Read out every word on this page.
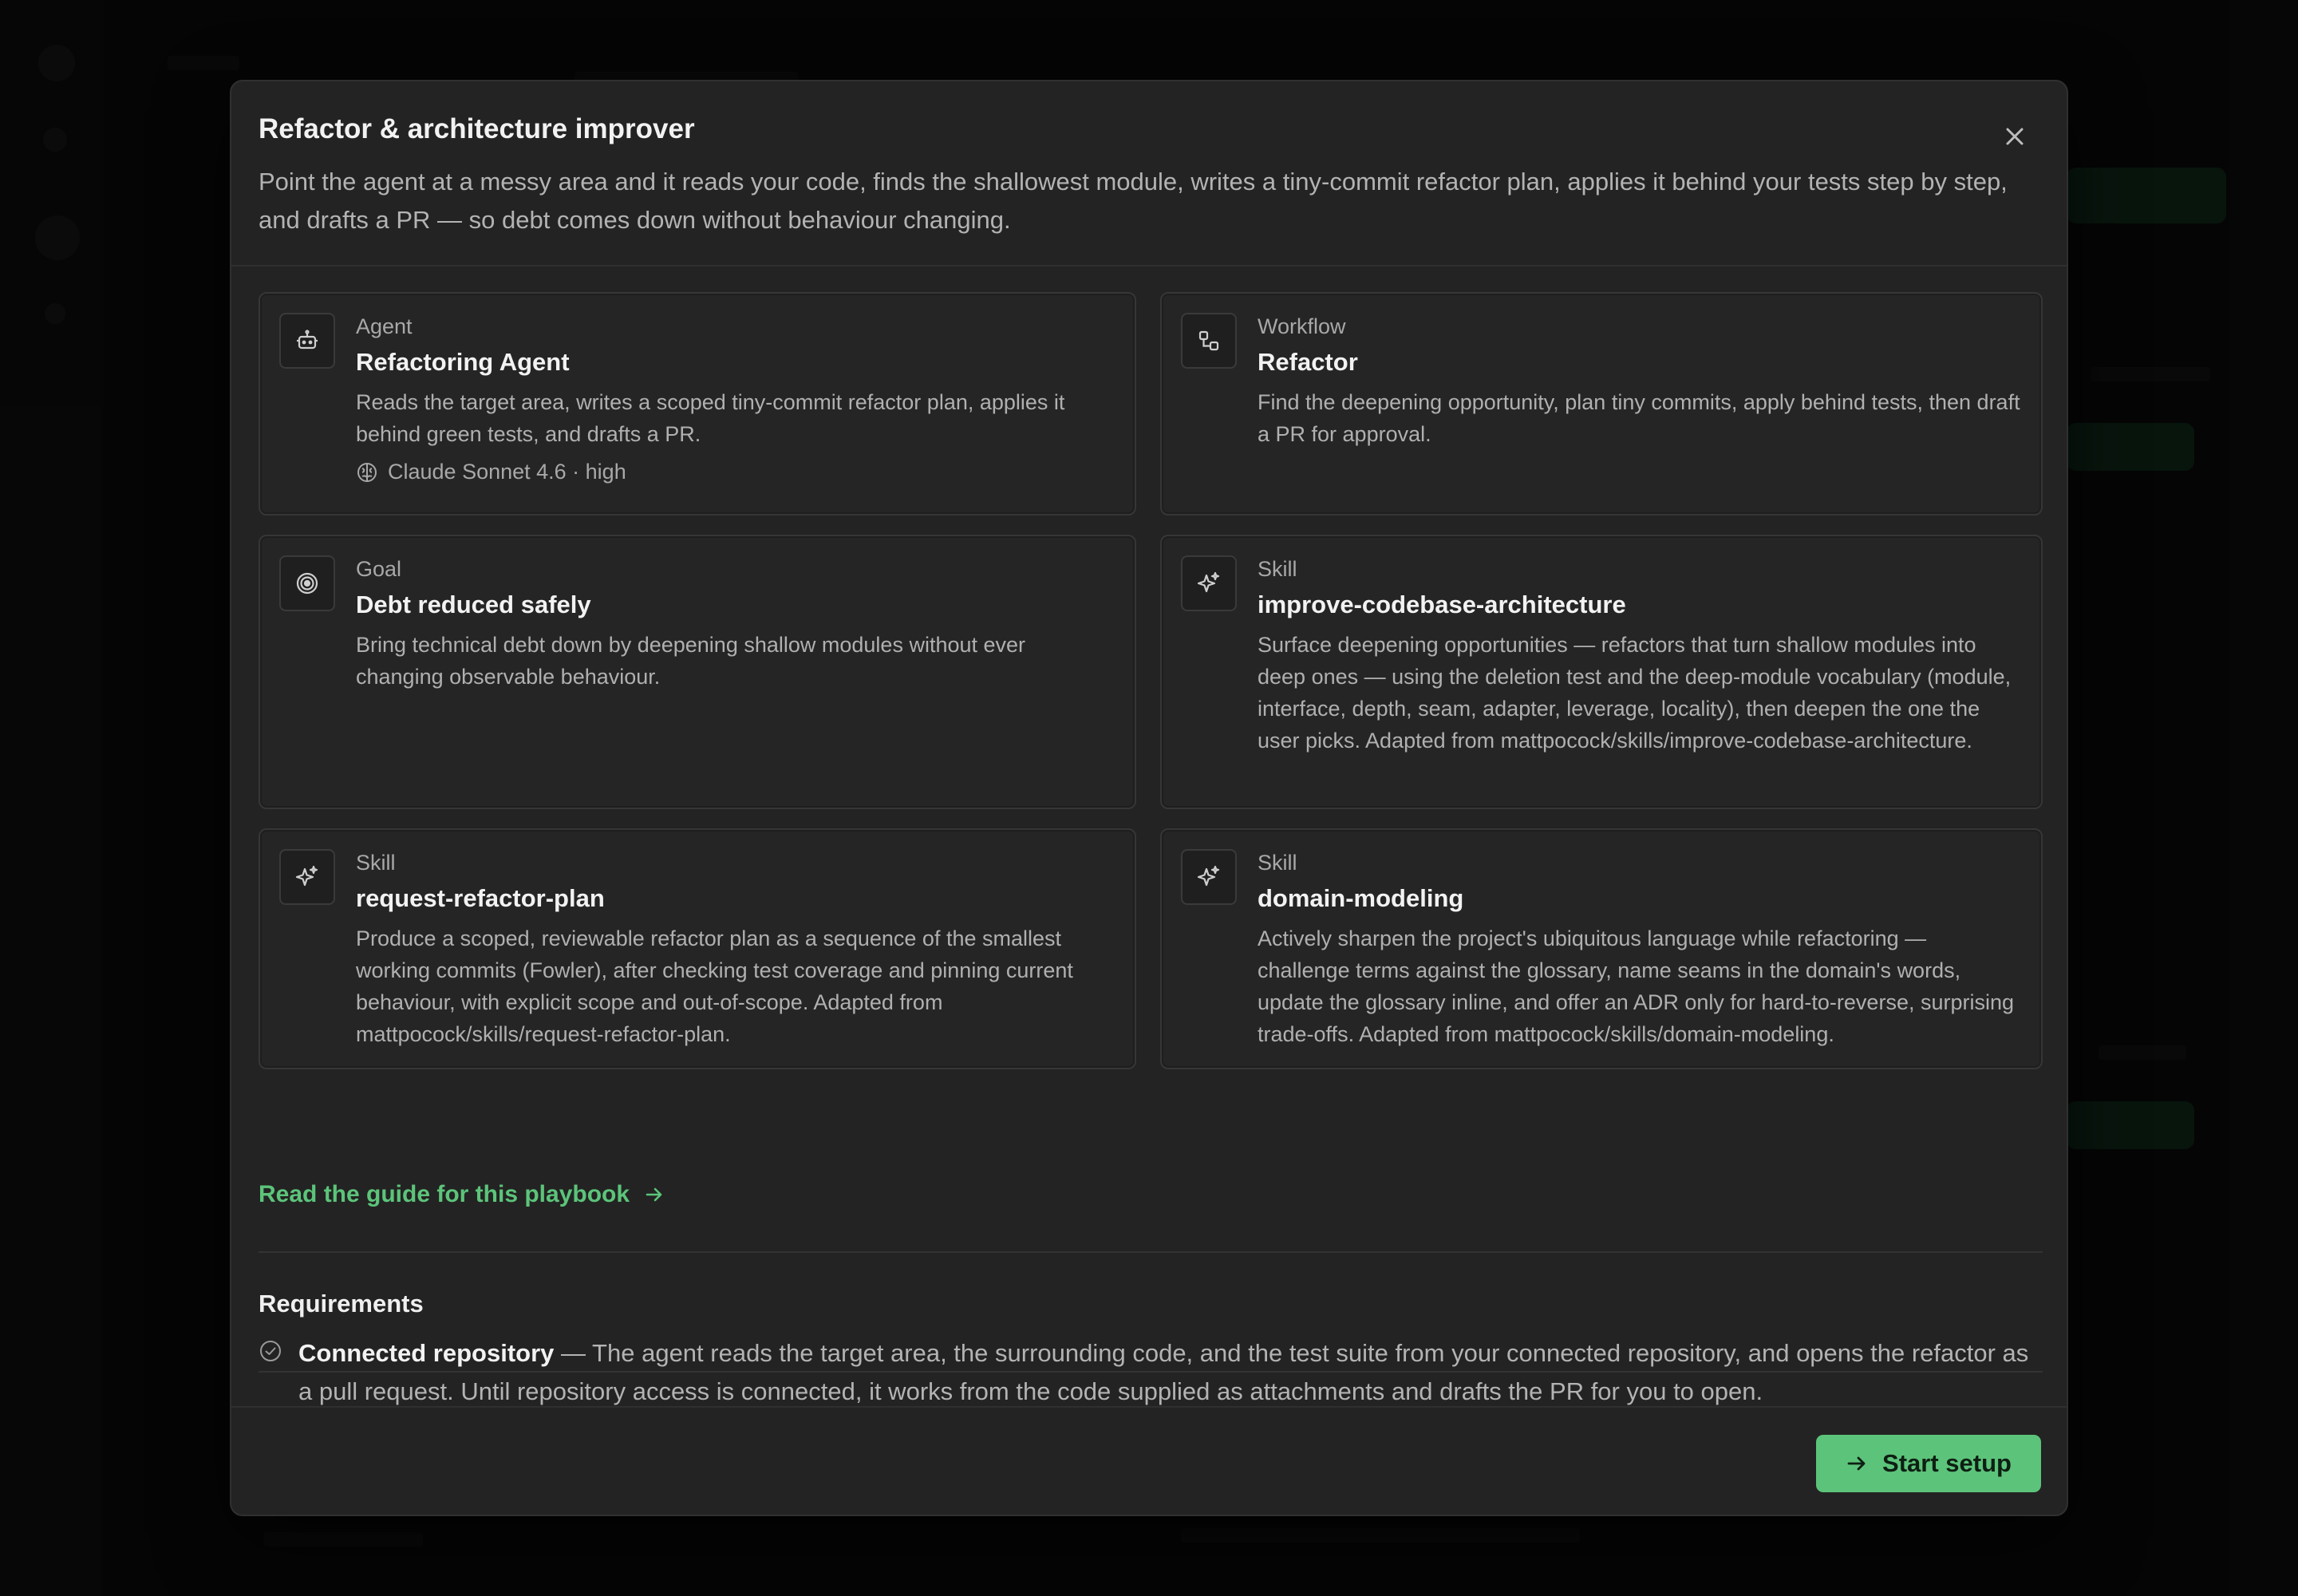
Refactor & architecture improver
Point the agent at a messy area and it reads your code, finds the shallowest module, writes a tiny-commit refactor plan, applies it behind your tests step by step, and drafts a PR — so debt comes down without behaviour changing.
Agent
Refactoring Agent
Reads the target area, writes a scoped tiny-commit refactor plan, applies it behind green tests, and drafts a PR.
Claude Sonnet 4.6 · high
Workflow
Refactor
Find the deepening opportunity, plan tiny commits, apply behind tests, then draft a PR for approval.
Goal
Debt reduced safely
Bring technical debt down by deepening shallow modules without ever changing observable behaviour.
Skill
improve-codebase-architecture
Surface deepening opportunities — refactors that turn shallow modules into deep ones — using the deletion test and the deep-module vocabulary (module, interface, depth, seam, adapter, leverage, locality), then deepen the one the user picks. Adapted from mattpocock/skills/improve-codebase-architecture.
Skill
request-refactor-plan
Produce a scoped, reviewable refactor plan as a sequence of the smallest working commits (Fowler), after checking test coverage and pinning current behaviour, with explicit scope and out-of-scope. Adapted from mattpocock/skills/request-refactor-plan.
Skill
domain-modeling
Actively sharpen the project's ubiquitous language while refactoring — challenge terms against the glossary, name seams in the domain's words, update the glossary inline, and offer an ADR only for hard-to-reverse, surprising trade-offs. Adapted from mattpocock/skills/domain-modeling.
Read the guide for this playbook
Requirements
Connected repository — The agent reads the target area, the surrounding code, and the test suite from your connected repository, and opens the refactor as a pull request. Until repository access is connected, it works from the code supplied as attachments and drafts the PR for you to open.
Start setup
